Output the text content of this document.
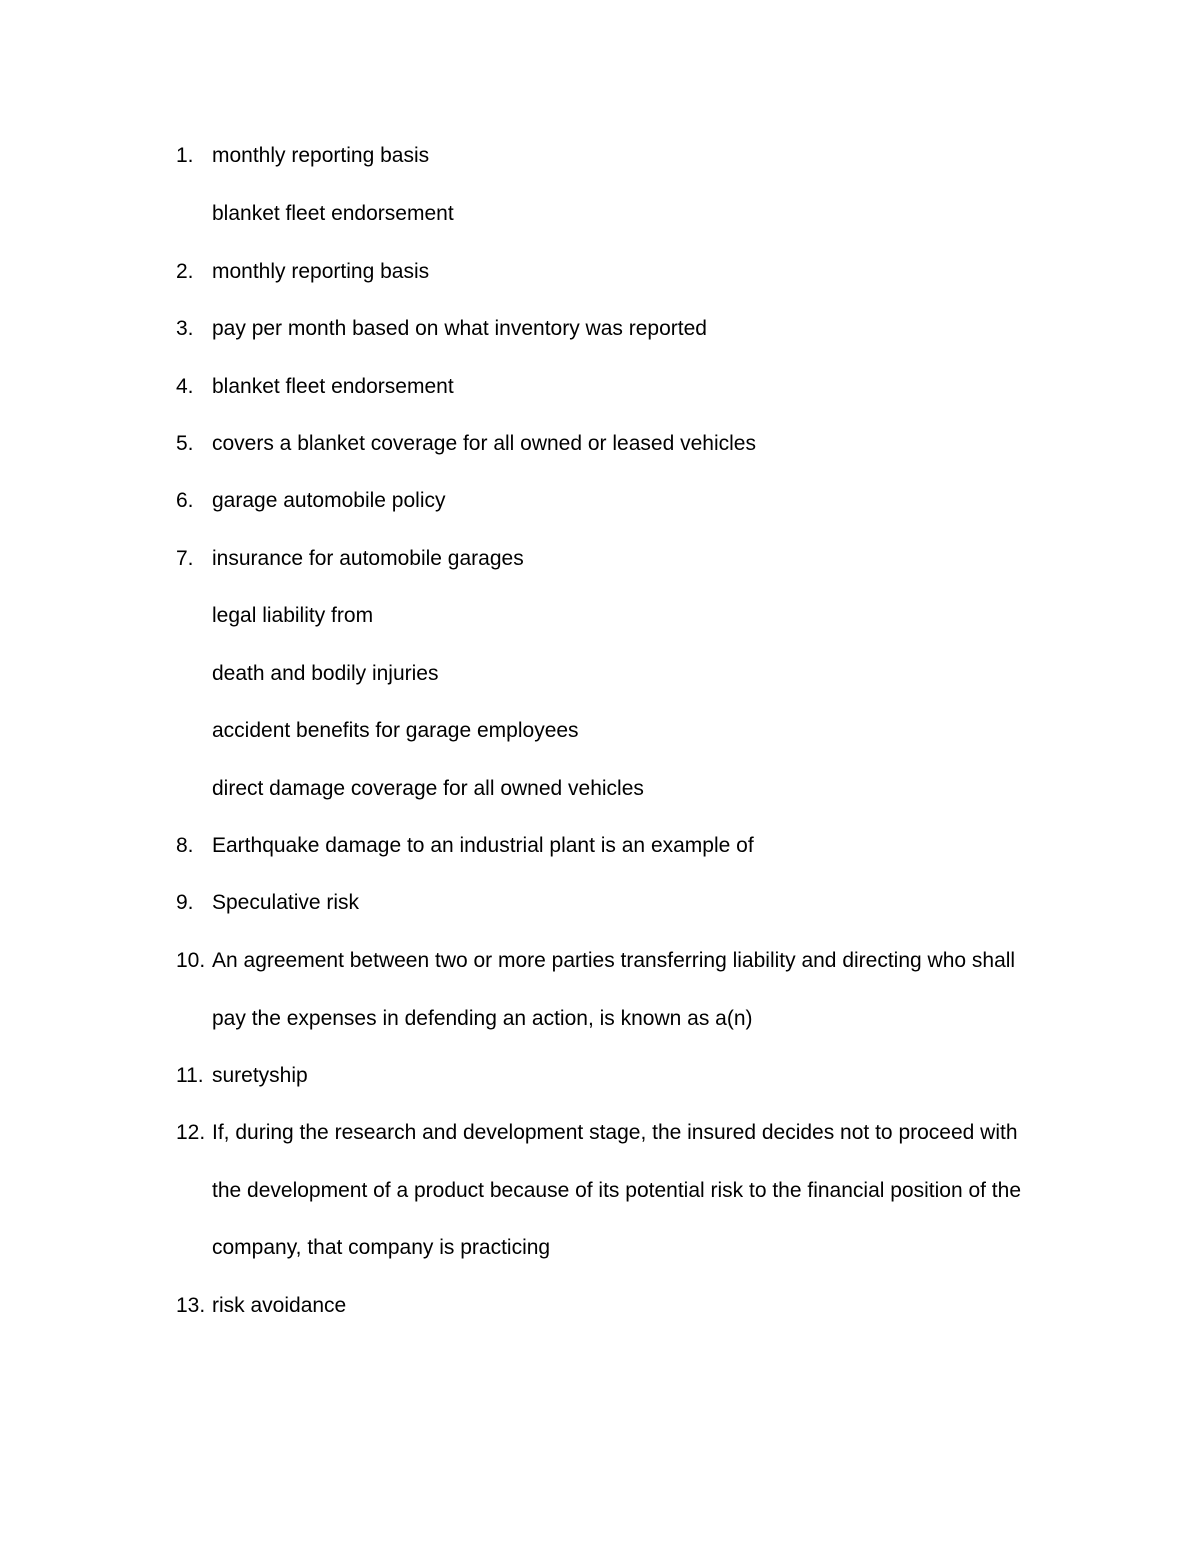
1. monthly reporting basis
blanket fleet endorsement
2. monthly reporting basis
3. pay per month based on what inventory was reported
4. blanket fleet endorsement
5. covers a blanket coverage for all owned or leased vehicles
6. garage automobile policy
7. insurance for automobile garages
legal liability from
death and bodily injuries
accident benefits for garage employees
direct damage coverage for all owned vehicles
8. Earthquake damage to an industrial plant is an example of
9. Speculative risk
10. An agreement between two or more parties transferring liability and directing who shall
pay the expenses in defending an action, is known as a(n)
11. suretyship
12. If, during the research and development stage, the insured decides not to proceed with
the development of a product because of its potential risk to the financial position of the
company, that company is practicing
13. risk avoidance
